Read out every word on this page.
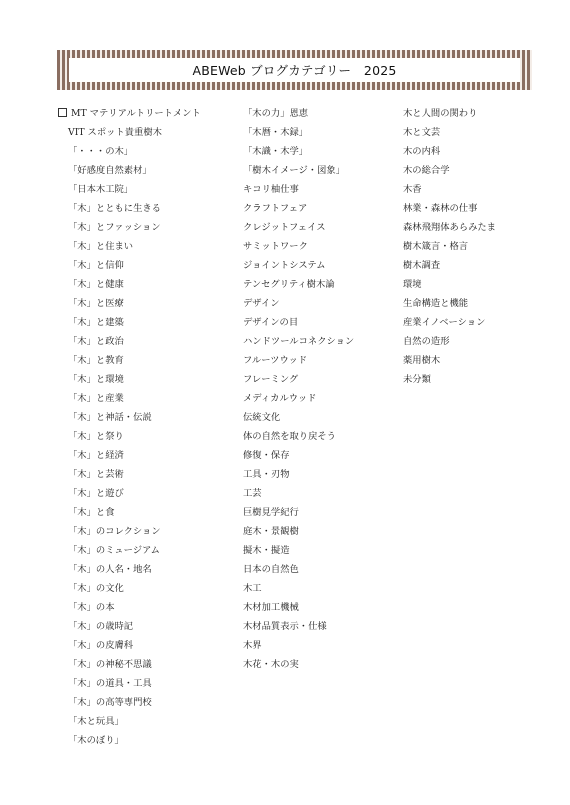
ABEWeb ブログカテゴリー　2025
MT マテリアルトリートメント
VIT スポット貴重樹木
「・・・の木」
「好感度自然素材」
「日本木工院」
「木」とともに生きる
「木」とファッション
「木」と住まい
「木」と信仰
「木」と健康
「木」と医療
「木」と建築
「木」と政治
「木」と教育
「木」と環境
「木」と産業
「木」と神話・伝説
「木」と祭り
「木」と経済
「木」と芸術
「木」と遊び
「木」と食
「木」のコレクション
「木」のミュージアム
「木」の人名・地名
「木」の文化
「木」の本
「木」の歳時記
「木」の皮膚科
「木」の神秘不思議
「木」の道具・工具
「木」の高等専門校
「木と玩具」
「木のぼり」
「木の力」恩恵
「木暦・木録」
「木識・木学」
「樹木イメージ・図象」
キコリ柚仕事
クラフトフェア
クレジットフェイス
サミットワーク
ジョイントシステム
テンセグリティ樹木論
デザイン
デザインの目
ハンドツールコネクション
フルーツウッド
フレーミング
メディカルウッド
伝統文化
体の自然を取り戻そう
修復・保存
工具・刃物
工芸
巨樹見学紀行
庭木・景観樹
擬木・擬造
日本の自然色
木工
木材加工機械
木材品質表示・仕様
木界
木花・木の実
木と人間の関わり
木と文芸
木の内科
木の総合学
木香
林業・森林の仕事
森林飛翔体あらみたま
樹木箴言・格言
樹木調査
環境
生命構造と機能
産業イノベーション
自然の造形
薬用樹木
未分類
